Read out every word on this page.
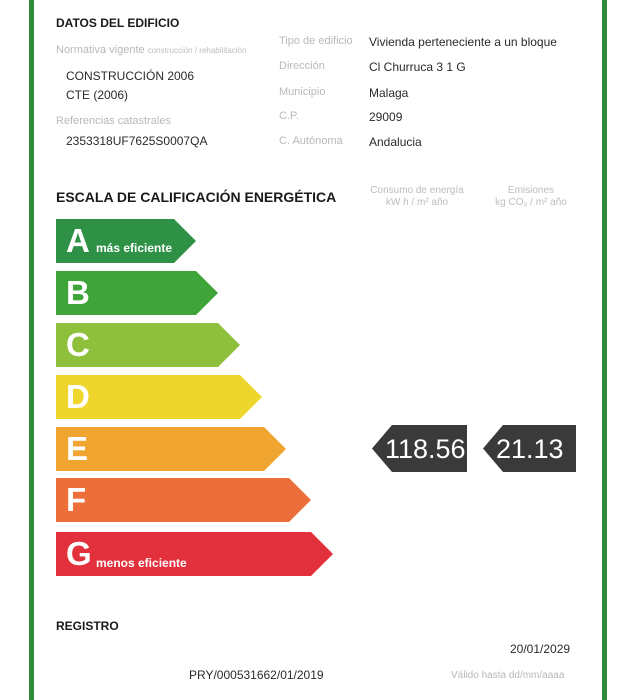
DATOS DEL EDIFICIO
Normativa vigente construcción / rehabilitación
CONSTRUCCIÓN 2006
CTE (2006)
Referencias catastrales
2353318UF7625S0007QA
Tipo de edificio Vivienda perteneciente a un bloque
Dirección	Cl Churruca 3 1 G
Municipio	Malaga
C.P.	29009
C. Autónoma Andalucia
ESCALA DE CALIFICACIÓN ENERGÉTICA	Consumo de energía
kW h / m² año
Emisiones
kg CO₂ / m² año
A más eficiente
B
C
D
E
F
G menos eficiente
118.56 21.13
REGISTRO
20/01/2029
PRY/000531662/01/2019	Válido hasta dd/mm/aaaa
